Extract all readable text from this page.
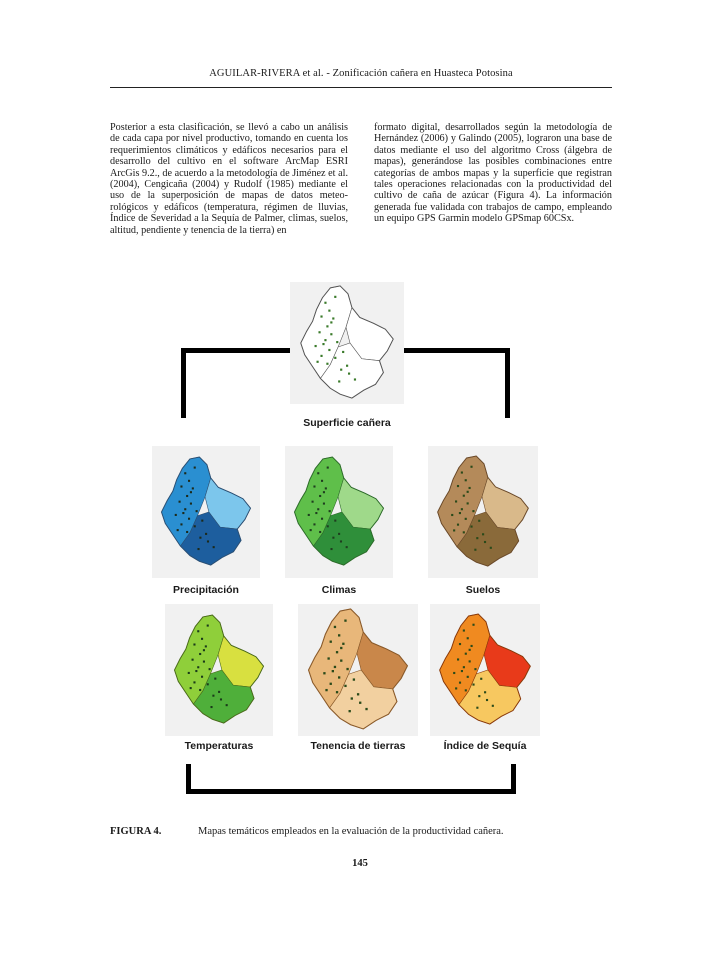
AGUILAR-RIVERA et al. - Zonificación cañera en Huasteca Potosina
Posterior a esta clasificación, se llevó a cabo un análisis de cada capa por nivel productivo, tomando en cuenta los requerimientos climáticos y edáficos necesarios para el desarrollo del cultivo en el software ArcMap ESRI ArcGis 9.2., de acuerdo a la metodología de Jiménez et al. (2004), Cengicaña (2004) y Rudolf (1985) mediante el uso de la superposición de mapas de datos meteo-rológicos y edáficos (temperatura, régimen de lluvias, Índice de Severidad a la Sequía de Palmer, climas, suelos, altitud, pendiente y tenencia de la tierra) en
formato digital, desarrollados según la metodología de Hernández (2006) y Galindo (2005), lograron una base de datos mediante el uso del algoritmo Cross (álgebra de mapas), generándose las posibles combinaciones entre categorías de ambos mapas y la superficie que registran tales operaciones relacionadas con la productividad del cultivo de caña de azúcar (Figura 4). La información generada fue validada con trabajos de campo, empleando un equipo GPS Garmin modelo GPSmap 60CSx.
Superficie cañera
Precipitación	Climas	Suelos
Temperaturas	Tenencia de tierras	Índice de Sequía
FIGURA 4.	Mapas temáticos empleados en la evaluación de la productividad cañera.
145
